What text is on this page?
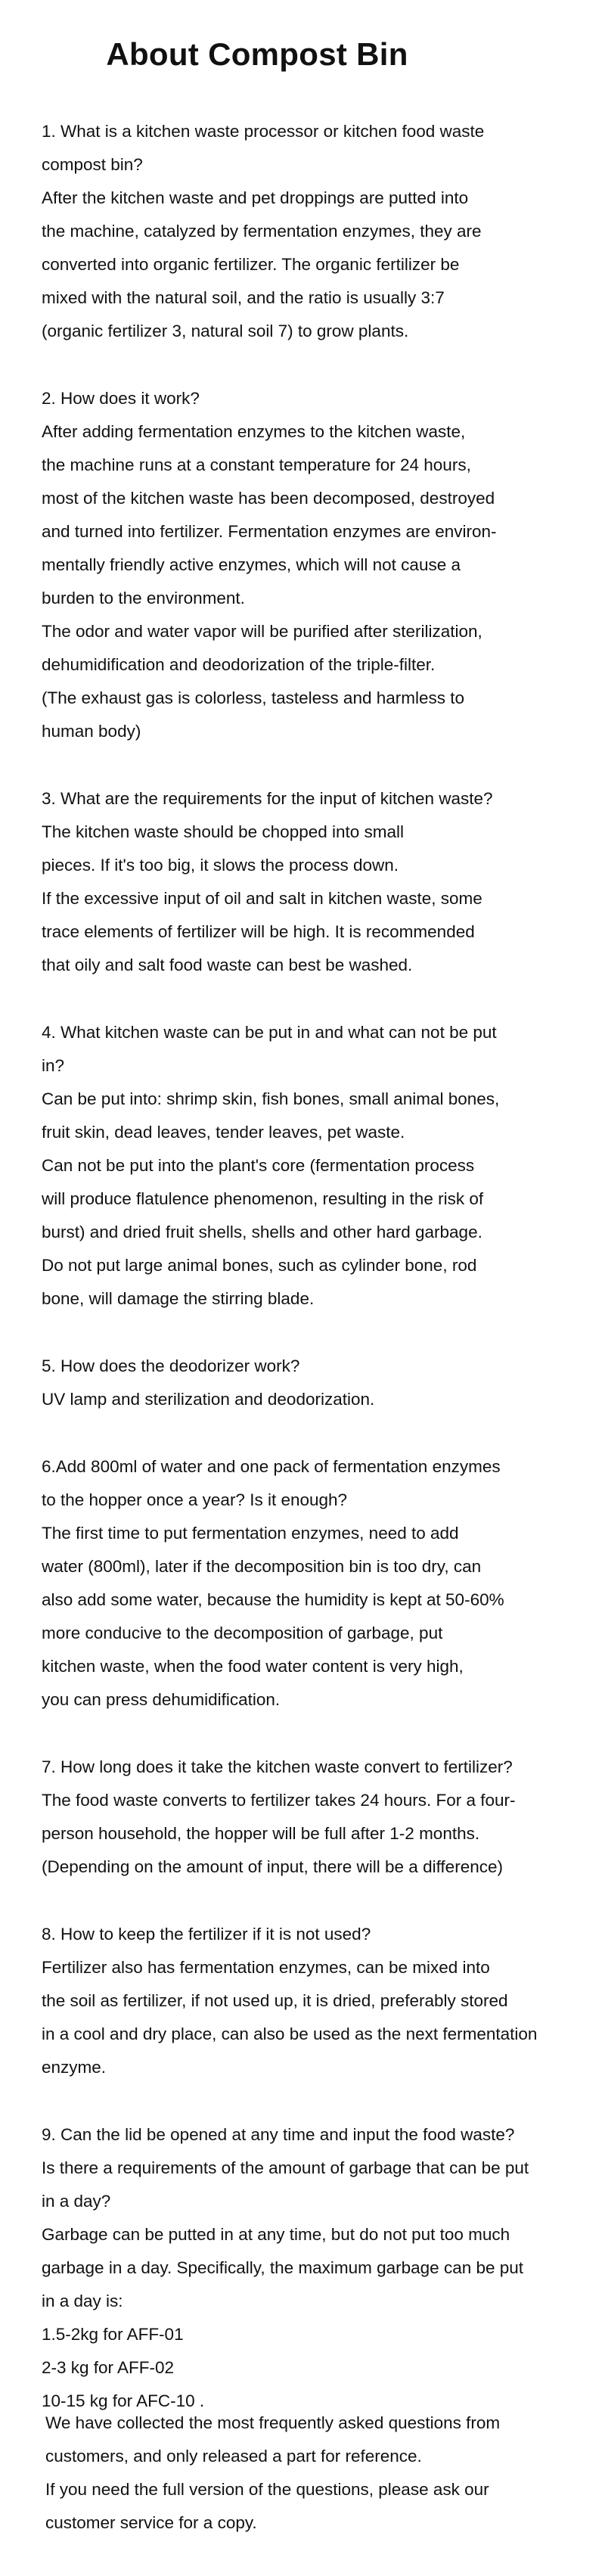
About Compost Bin
1. What is a kitchen waste processor or kitchen food waste
compost bin?
After the kitchen waste and pet droppings are putted into
the machine, catalyzed by fermentation enzymes, they are
converted into organic fertilizer. The organic fertilizer be
mixed with the natural soil, and the ratio is usually 3:7
(organic fertilizer 3, natural soil 7) to grow plants.
2. How does it work?
After adding fermentation enzymes to the kitchen waste,
the machine runs at a constant temperature for 24 hours,
most of the kitchen waste has been decomposed, destroyed
and turned into fertilizer. Fermentation enzymes are environ-
mentally friendly active enzymes, which will not cause a
burden to the environment.
The odor and water vapor will be purified after sterilization,
dehumidification and deodorization of the triple-filter.
(The exhaust gas is colorless, tasteless and harmless to
human body)
3. What are the requirements for the input of kitchen waste?
The kitchen waste should be chopped into small
pieces. If it's too big, it slows the process down.
If the excessive input of oil and salt in kitchen waste, some
trace elements of fertilizer will be high. It is recommended
that oily and salt food waste can best be washed.
4. What kitchen waste can be put in and what can not be put
in?
Can be put into: shrimp skin, fish bones, small animal bones,
fruit skin, dead leaves, tender leaves, pet waste.
Can not be put into the plant's core (fermentation process
will produce flatulence phenomenon, resulting in the risk of
burst) and dried fruit shells, shells and other hard garbage.
Do not put large animal bones, such as cylinder bone, rod
bone, will damage the stirring blade.
5. How does the deodorizer work?
UV lamp and sterilization and deodorization.
6.Add 800ml of water and one pack of fermentation enzymes
to the hopper once a year? Is it enough?
The first time to put fermentation enzymes, need to add
water (800ml), later if the decomposition bin is too dry, can
also add some water, because the humidity is kept at 50-60%
more conducive to the decomposition of garbage, put
kitchen waste, when the food water content is very high,
you can press dehumidification.
7. How long does it take the kitchen waste convert to fertilizer?
The food waste converts to fertilizer takes 24 hours. For a four-
person household, the hopper will be full after 1-2 months.
(Depending on the amount of input, there will be a difference)
8. How to keep the fertilizer if it is not used?
Fertilizer also has fermentation enzymes, can be mixed into
the soil as fertilizer, if not used up, it is dried, preferably stored
in a cool and dry place, can also be used as the next fermentation
enzyme.
9. Can the lid be opened at any time and input the food waste?
Is there a requirements of the amount of garbage that can be put
in a day?
Garbage can be putted in at any time, but do not put too much
garbage in a day. Specifically, the maximum garbage can be put
in a day is:
1.5-2kg for AFF-01
2-3 kg for AFF-02
10-15 kg for AFC-10 .
We have collected the most frequently asked questions from
customers, and only released a part for reference.
If you need the full version of the questions, please ask our
customer service for a copy.
